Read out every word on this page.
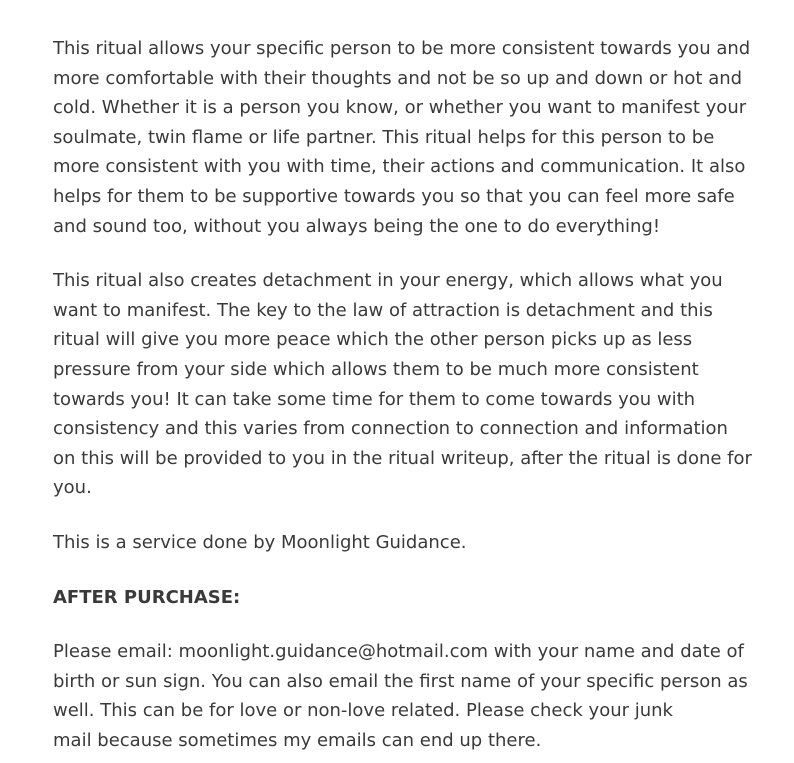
This ritual allows your specific person to be more consistent towards you and
more comfortable with their thoughts and not be so up and down or hot and
cold. Whether it is a person you know, or whether you want to manifest your
soulmate, twin flame or life partner. This ritual helps for this person to be
more consistent with you with time, their actions and communication. It also
helps for them to be supportive towards you so that you can feel more safe
and sound too, without you always being the one to do everything!

This ritual also creates detachment in your energy, which allows what you
want to manifest. The key to the law of attraction is detachment and this
ritual will give you more peace which the other person picks up as less
pressure from your side which allows them to be much more consistent
towards you! It can take some time for them to come towards you with
consistency and this varies from connection to connection and information
on this will be provided to you in the ritual writeup, after the ritual is done for
you.

This is a service done by Moonlight Guidance.

AFTER PURCHASE:

Please email: moonlight.guidance@hotmail.com with your name and date of
birth or sun sign. You can also email the first name of your specific person as
well. This can be for love or non-love related. Please check your junk
mail because sometimes my emails can end up there.
